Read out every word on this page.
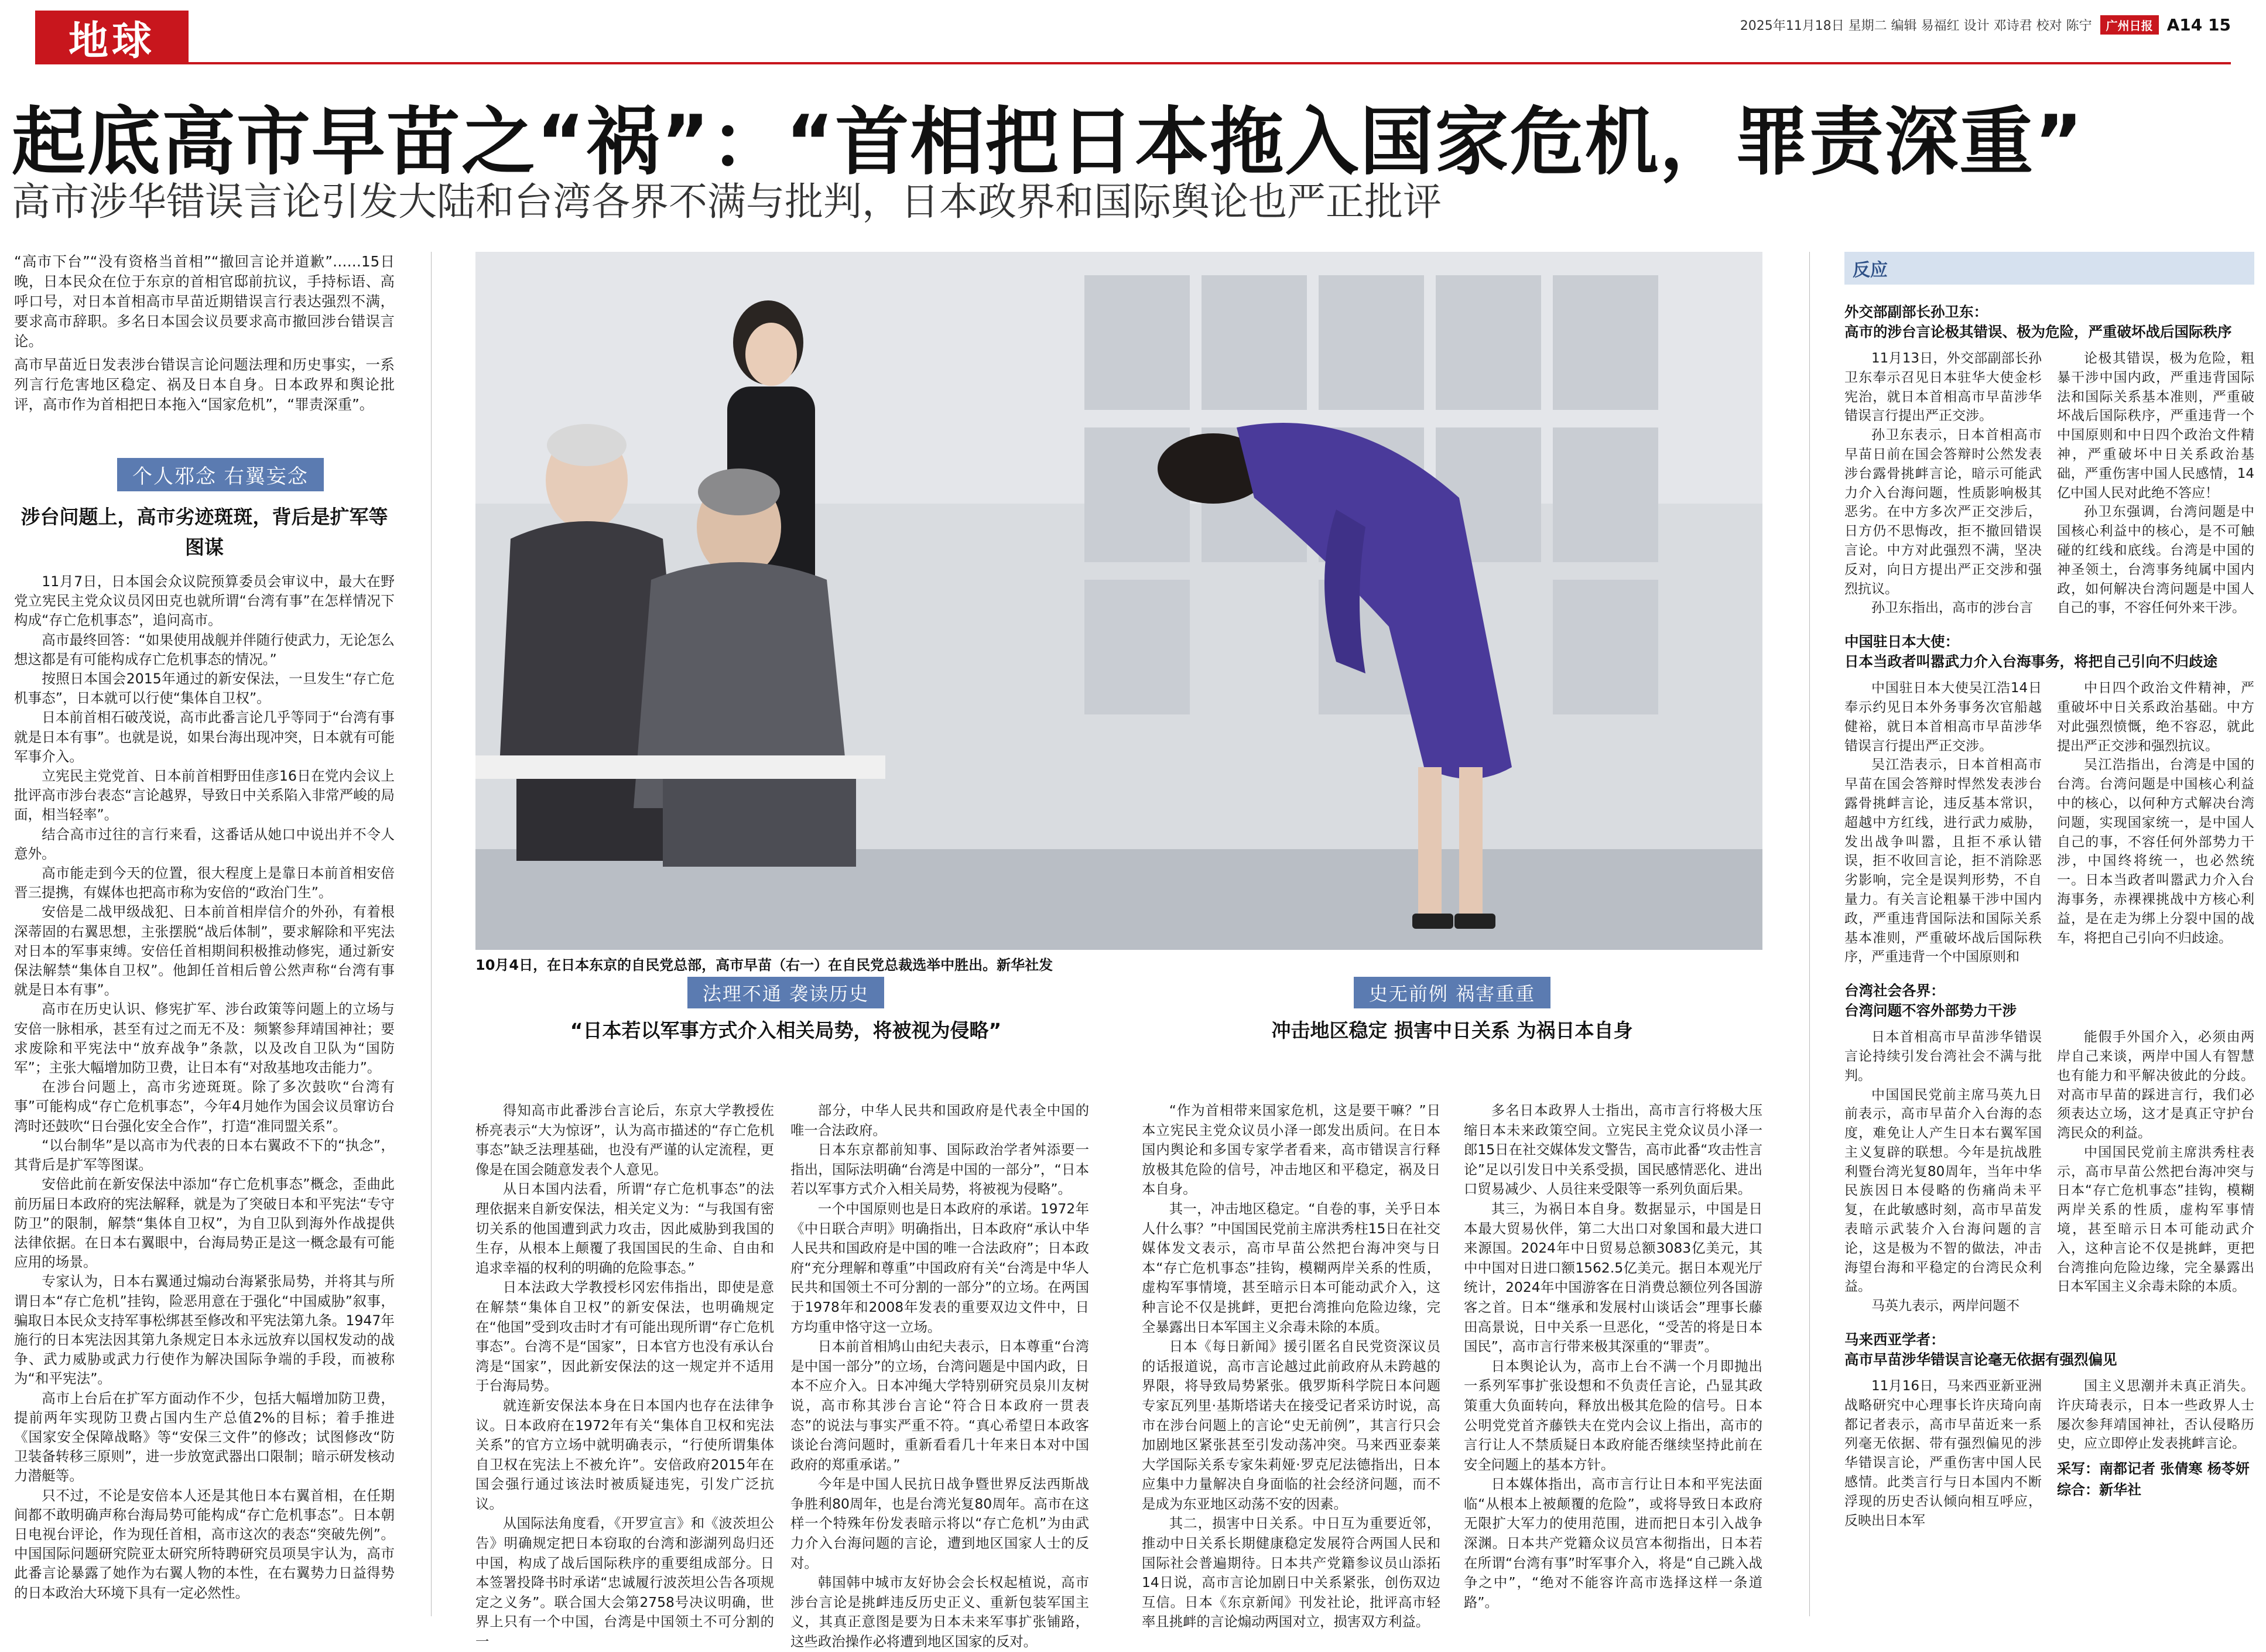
地球	2025年11月18日 星期二 编辑 易福红 设计 邓诗君 校对 陈宁	广州日报 A14 15
起底高市早苗之“祸”：“首相把日本拖入国家危机，罪责深重”
高市涉华错误言论引发大陆和台湾各界不满与批判，日本政界和国际舆论也严正批评

“高市下台”“没有资格当首相”“撤回言论并道歉”……15日晚，日本民众在位于东京的首相官邸前抗议，手持标语、高呼口号，对日本首相高市早苗近期错误言行表达强烈不满，要求高市辞职。多名日本国会议员要求高市撤回涉台错误言论。

高市早苗近日发表涉台错误言论问题法理和历史事实，一系列言行危害地区稳定、祸及日本自身。日本政界和舆论批评，高市作为首相把日本拖入“国家危机”，“罪责深重”。

个人邪念 右翼妄念
涉台问题上，高市劣迹斑斑，背后是扩军等图谋

11月7日，日本国会众议院预算委员会审议中，最大在野党立宪民主党众议员冈田克也就所谓“台湾有事”在怎样情况下构成“存亡危机事态”，追问高市。

高市最终回答：“如果使用战舰并伴随行使武力，无论怎么想这都是有可能构成存亡危机事态的情况。”

按照日本国会2015年通过的新安保法，一旦发生“存亡危机事态”，日本就可以行使“集体自卫权”。

日本前首相石破茂说，高市此番言论几乎等同于“台湾有事就是日本有事”。也就是说，如果台海出现冲突，日本就有可能军事介入。

立宪民主党党首、日本前首相野田佳彦16日在党内会议上批评高市涉台表态“言论越界，导致日中关系陷入非常严峻的局面，相当轻率”。

结合高市过往的言行来看，这番话从她口中说出并不令人意外。

高市能走到今天的位置，很大程度上是靠日本前首相安倍晋三提携，有媒体也把高市称为安倍的“政治门生”。

安倍是二战甲级战犯、日本前首相岸信介的外孙，有着根深蒂固的右翼思想，主张摆脱“战后体制”，要求解除和平宪法对日本的军事束缚。安倍任首相期间积极推动修宪，通过新安保法解禁“集体自卫权”。他卸任首相后曾公然声称“台湾有事就是日本有事”。

高市在历史认识、修宪扩军、涉台政策等问题上的立场与安倍一脉相承，甚至有过之而无不及：频繁参拜靖国神社；要求废除和平宪法中“放弃战争”条款，以及改自卫队为“国防军”；主张大幅增加防卫费，让日本有“对敌基地攻击能力”。

在涉台问题上，高市劣迹斑斑。除了多次鼓吹“台湾有事”可能构成“存亡危机事态”，今年4月她作为国会议员窜访台湾时还鼓吹“日台强化安全合作”，打造“准同盟关系”。

“以台制华”是以高市为代表的日本右翼政不下的“执念”，其背后是扩军等图谋。

安倍此前在新安保法中添加“存亡危机事态”概念，歪曲此前历届日本政府的宪法解释，就是为了突破日本和平宪法“专守防卫”的限制，解禁“集体自卫权”，为自卫队到海外作战提供法律依据。在日本右翼眼中，台海局势正是这一概念最有可能应用的场景。

专家认为，日本右翼通过煽动台海紧张局势，并将其与所谓日本“存亡危机”挂钩，险恶用意在于强化“中国威胁”叙事，骗取日本民众支持军事松绑甚至修改和平宪法第九条。1947年施行的日本宪法因其第九条规定日本永远放弃以国权发动的战争、武力威胁或武力行使作为解决国际争端的手段，而被称为“和平宪法”。

高市上台后在扩军方面动作不少，包括大幅增加防卫费，提前两年实现防卫费占国内生产总值2%的目标；着手推进《国家安全保障战略》等“安保三文件”的修改；试图修改“防卫装备转移三原则”，进一步放宽武器出口限制；暗示研发核动力潜艇等。

只不过，不论是安倍本人还是其他日本右翼首相，在任期间都不敢明确声称台海局势可能构成“存亡危机事态”。日本朝日电视台评论，作为现任首相，高市这次的表态“突破先例”。中国国际问题研究院亚太研究所特聘研究员项昊宇认为，高市此番言论暴露了她作为右翼人物的本性，在右翼势力日益得势的日本政治大环境下具有一定必然性。

10月4日，在日本东京的自民党总部，高市早苗（右一）在自民党总裁选举中胜出。新华社发
法理不通 袭读历史
“日本若以军事方式介入相关局势，将被视为侵略”

得知高市此番涉台言论后，东京大学教授佐桥亮表示“大为惊讶”，认为高市描述的“存亡危机事态”缺乏法理基础，也没有严谨的认定流程，更像是在国会随意发表个人意见。

从日本国内法看，所谓“存亡危机事态”的法理依据来自新安保法，相关定义为：“与我国有密切关系的他国遭到武力攻击，因此威胁到我国的生存，从根本上颠覆了我国国民的生命、自由和追求幸福的权利的明确的危险事态。”

日本法政大学教授杉冈宏伟指出，即使是意在解禁“集体自卫权”的新安保法，也明确规定在“他国”受到攻击时才有可能出现所谓“存亡危机事态”。台湾不是“国家”，日本官方也没有承认台湾是“国家”，因此新安保法的这一规定并不适用于台海局势。

就连新安保法本身在日本国内也存在法律争议。日本政府在1972年有关“集体自卫权和宪法关系”的官方立场中就明确表示，“行使所谓集体自卫权在宪法上不被允许”。安倍政府2015年在国会强行通过该法时被质疑违宪，引发广泛抗议。

从国际法角度看，《开罗宣言》和《波茨坦公告》明确规定把日本窃取的台湾和澎湖列岛归还中国，构成了战后国际秩序的重要组成部分。日本签署投降书时承诺“忠诚履行波茨坦公告各项规定之义务”。联合国大会第2758号决议明确，世界上只有一个中国，台湾是中国领土不可分割的一

部分，中华人民共和国政府是代表全中国的唯一合法政府。

日本东京都前知事、国际政治学者舛添要一指出，国际法明确“台湾是中国的一部分”，“日本若以军事方式介入相关局势，将被视为侵略”。

一个中国原则也是日本政府的承诺。1972年《中日联合声明》明确指出，日本政府“承认中华人民共和国政府是中国的唯一合法政府”；日本政府“充分理解和尊重”中国政府有关“台湾是中华人民共和国领土不可分割的一部分”的立场。在两国于1978年和2008年发表的重要双边文件中，日方均重申恪守这一立场。

日本前首相鸠山由纪夫表示，日本尊重“台湾是中国一部分”的立场，台湾问题是中国内政，日本不应介入。日本冲绳大学特别研究员泉川友树说，高市称其涉台言论“符合日本政府一贯表态”的说法与事实严重不符。“真心希望日本政客谈论台湾问题时，重新看看几十年来日本对中国政府的郑重承诺。”

今年是中国人民抗日战争暨世界反法西斯战争胜利80周年，也是台湾光复80周年。高市在这样一个特殊年份发表暗示将以“存亡危机”为由武力介入台海问题的言论，遭到地区国家人士的反对。

韩国韩中城市友好协会会长权起植说，高市涉台言论是挑衅违反历史正义、重新包装军国主义，其真正意图是要为日本未来军事扩张铺路，这些政治操作必将遭到地区国家的反对。

史无前例 祸害重重
冲击地区稳定 损害中日关系 为祸日本自身

“作为首相带来国家危机，这是要干嘛？”日本立宪民主党众议员小泽一郎发出质问。在日本国内舆论和多国专家学者看来，高市错误言行释放极其危险的信号，冲击地区和平稳定，祸及日本自身。

其一，冲击地区稳定。“自卷的事，关乎日本人什么事？”中国国民党前主席洪秀柱15日在社交媒体发文表示，高市早苗公然把台海冲突与日本“存亡危机事态”挂钩，模糊两岸关系的性质，虚构军事情境，甚至暗示日本可能动武介入，这种言论不仅是挑衅，更把台湾推向危险边缘，完全暴露出日本军国主义余毒未除的本质。

日本《每日新闻》援引匿名自民党资深议员的话报道说，高市言论越过此前政府从未跨越的界限，将导致局势紧张。俄罗斯科学院日本问题专家瓦列里·基斯塔诺夫在接受记者采访时说，高市在涉台问题上的言论“史无前例”，其言行只会加剧地区紧张甚至引发动荡冲突。马来西亚泰莱大学国际关系专家朱莉娅·罗克尼法德指出，日本应集中力量解决自身面临的社会经济问题，而不是成为东亚地区动荡不安的因素。

其二，损害中日关系。中日互为重要近邻，推动中日关系长期健康稳定发展符合两国人民和国际社会普遍期待。日本共产党籍参议员山添拓14日说，高市言论加剧日中关系紧张，创伤双边互信。日本《东京新闻》刊发社论，批评高市轻率且挑衅的言论煽动两国对立，损害双方利益。

多名日本政界人士指出，高市言行将极大压缩日本未来政策空间。立宪民主党众议员小泽一郎15日在社交媒体发文警告，高市此番“攻击性言论”足以引发日中关系受损，国民感情恶化、进出口贸易减少、人员往来受限等一系列负面后果。

其三，为祸日本自身。数据显示，中国是日本最大贸易伙伴，第二大出口对象国和最大进口来源国。2024年中日贸易总额3083亿美元，其中中国对日进口额1562.5亿美元。据日本观光厅统计，2024年中国游客在日消费总额位列各国游客之首。日本“继承和发展村山谈话会”理事长藤田高景说，日中关系一旦恶化，“受苦的将是日本国民”，高市言行带来极其深重的“罪责”。

日本舆论认为，高市上台不满一个月即抛出一系列军事扩张设想和不负责任言论，凸显其政策重大负面转向，释放出极其危险的信号。日本公明党党首齐藤铁夫在党内会议上指出，高市的言行让人不禁质疑日本政府能否继续坚持此前在安全问题上的基本方针。

日本媒体指出，高市言行让日本和平宪法面临“从根本上被颠覆的危险”，或将导致日本政府无限扩大军力的使用范围，进而把日本引入战争深渊。日本共产党籍众议员宫本彻指出，日本若在所谓“台湾有事”时军事介入，将是“自己跳入战争之中”，“绝对不能容许高市选择这样一条道路”。

反应
外交部副部长孙卫东：
高市的涉台言论极其错误、极为危险，严重破坏战后国际秩序

11月13日，外交部副部长孙卫东奉示召见日本驻华大使金杉宪治，就日本首相高市早苗涉华错误言行提出严正交涉。

孙卫东表示，日本首相高市早苗日前在国会答辩时公然发表涉台露骨挑衅言论，暗示可能武力介入台海问题，性质影响极其恶劣。在中方多次严正交涉后，日方仍不思悔改，拒不撤回错误言论。中方对此强烈不满，坚决反对，向日方提出严正交涉和强烈抗议。

孙卫东指出，高市的涉台言

论极其错误，极为危险，粗暴干涉中国内政，严重违背国际法和国际关系基本准则，严重破坏战后国际秩序，严重违背一个中国原则和中日四个政治文件精神，严重破坏中日关系政治基础，严重伤害中国人民感情，14亿中国人民对此绝不答应！

孙卫东强调，台湾问题是中国核心利益中的核心，是不可触碰的红线和底线。台湾是中国的神圣领土，台湾事务纯属中国内政，如何解决台湾问题是中国人自己的事，不容任何外来干涉。

中国驻日本大使：
日本当政者叫嚣武力介入台海事务，将把自己引向不归歧途

中国驻日本大使吴江浩14日奉示约见日本外务事务次官船越健裕，就日本首相高市早苗涉华错误言行提出严正交涉。

吴江浩表示，日本首相高市早苗在国会答辩时悍然发表涉台露骨挑衅言论，违反基本常识，超越中方红线，进行武力威胁，发出战争叫嚣，且拒不承认错误，拒不收回言论，拒不消除恶劣影响，完全是误判形势，不自量力。有关言论粗暴干涉中国内政，严重违背国际法和国际关系基本准则，严重破坏战后国际秩序，严重违背一个中国原则和

中日四个政治文件精神，严重破坏中日关系政治基础。中方对此强烈愤慨，绝不容忍，就此提出严正交涉和强烈抗议。

吴江浩指出，台湾是中国的台湾。台湾问题是中国核心利益中的核心，以何种方式解决台湾问题，实现国家统一，是中国人自己的事，不容任何外部势力干涉，中国终将统一，也必然统一。日本当政者叫嚣武力介入台海事务，赤裸裸挑战中方核心利益，是在走为绑上分裂中国的战车，将把自己引向不归歧途。

台湾社会各界：
台湾问题不容外部势力干涉

日本首相高市早苗涉华错误言论持续引发台湾社会不满与批判。

中国国民党前主席马英九日前表示，高市早苗介入台海的态度，难免让人产生日本右翼军国主义复辟的联想。今年是抗战胜利暨台湾光复80周年，当年中华民族因日本侵略的伤痛尚未平复，在此敏感时刻，高市早苗发表暗示武装介入台海问题的言论，这是极为不智的做法，冲击海望台海和平稳定的台湾民众利益。

马英九表示，两岸问题不

能假手外国介入，必须由两岸自己来谈，两岸中国人有智慧也有能力和平解决彼此的分歧。对高市早苗的踩进言行，我们必须表达立场，这才是真正守护台湾民众的利益。

中国国民党前主席洪秀柱表示，高市早苗公然把台海冲突与日本“存亡危机事态”挂钩，模糊两岸关系的性质，虚构军事情境，甚至暗示日本可能动武介入，这种言论不仅是挑衅，更把台湾推向危险边缘，完全暴露出日本军国主义余毒未除的本质。

马来西亚学者：
高市早苗涉华错误言论毫无依据有强烈偏见

11月16日，马来西亚新亚洲战略研究中心理事长许庆琦向南都记者表示，高市早苗近来一系列毫无依据、带有强烈偏见的涉华错误言论，严重伤害中国人民感情。此类言行与日本国内不断浮现的历史否认倾向相互呼应，反映出日本军

国主义思潮并未真正消失。许庆琦表示，日本一些政界人士屡次参拜靖国神社，否认侵略历史，应立即停止发表挑衅言论。

采写：南都记者 张倩寒 杨苓妍
综合：新华社
